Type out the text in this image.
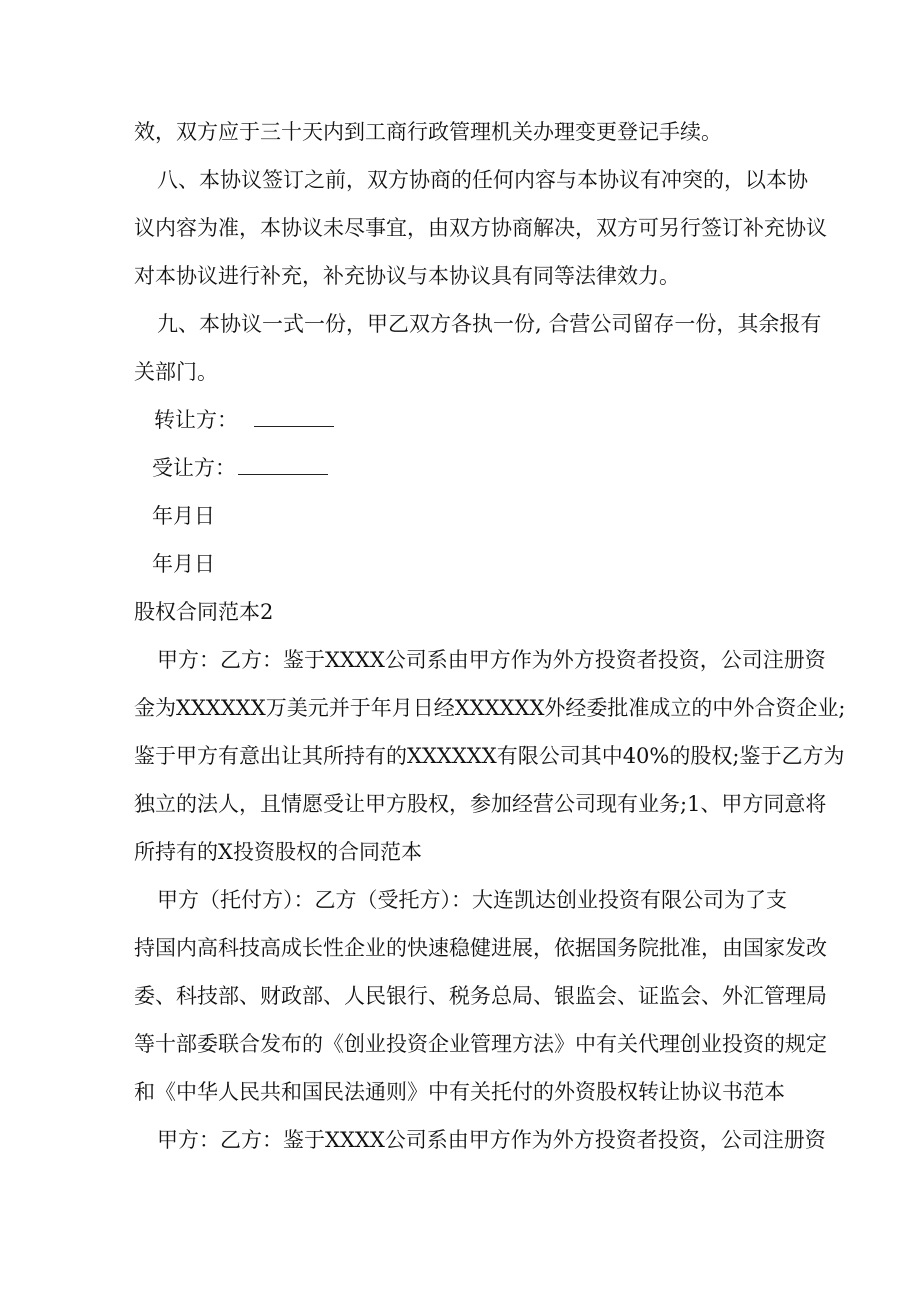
效，双方应于三十天内到工商行政管理机关办理变更登记手续。
八、本协议签订之前，双方协商的任何内容与本协议有冲突的，以本协
议内容为准，本协议未尽事宜，由双方协商解决，双方可另行签订补充协议
对本协议进行补充，补充协议与本协议具有同等法律效力。
九、本协议一式一份，甲乙双方各执一份, 合营公司留存一份，其余报有
关部门。
转让方：
受让方：
年月日
年月日
股权合同范本2
甲方：乙方：鉴于XXXX公司系由甲方作为外方投资者投资，公司注册资
金为XXXXXX万美元并于年月日经XXXXXX外经委批准成立的中外合资企业;
鉴于甲方有意出让其所持有的XXXXXX有限公司其中40%的股权;鉴于乙方为
独立的法人，且情愿受让甲方股权，参加经营公司现有业务;1、甲方同意将
所持有的X投资股权的合同范本
甲方（托付方）：乙方（受托方）：大连凯达创业投资有限公司为了支
持国内高科技高成长性企业的快速稳健进展，依据国务院批准，由国家发改
委、科技部、财政部、人民银行、税务总局、银监会、证监会、外汇管理局
等十部委联合发布的《创业投资企业管理方法》中有关代理创业投资的规定
和《中华人民共和国民法通则》中有关托付的外资股权转让协议书范本
甲方：乙方：鉴于XXXX公司系由甲方作为外方投资者投资，公司注册资
